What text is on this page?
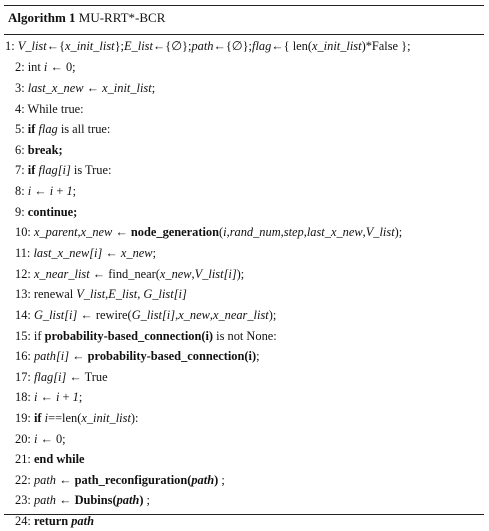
Algorithm 1 MU-RRT*-BCR
1: V_list←{x_init_list};E_list←{∅};path←{∅};flag←{ len(x_init_list)*False };
2: int i ← 0;
3: last_x_new ← x_init_list;
4: While true:
5: if flag is all true:
6: break;
7: if flag[i] is True:
8: i ← i + 1;
9: continue;
10: x_parent,x_new ← node_generation(i,rand_num,step,last_x_new,V_list);
11: last_x_new[i] ← x_new;
12: x_near_list ← find_near(x_new,V_list[i]);
13: renewal V_list,E_list, G_list[i]
14: G_list[i] ← rewire(G_list[i],x_new,x_near_list);
15: if probability-based_connection(i) is not None:
16: path[i] ← probability-based_connection(i);
17: flag[i] ← True
18: i ← i + 1;
19: if i==len(x_init_list):
20: i ← 0;
21: end while
22: path ← path_reconfiguration(path) ;
23: path ← Dubins(path) ;
24: return path
